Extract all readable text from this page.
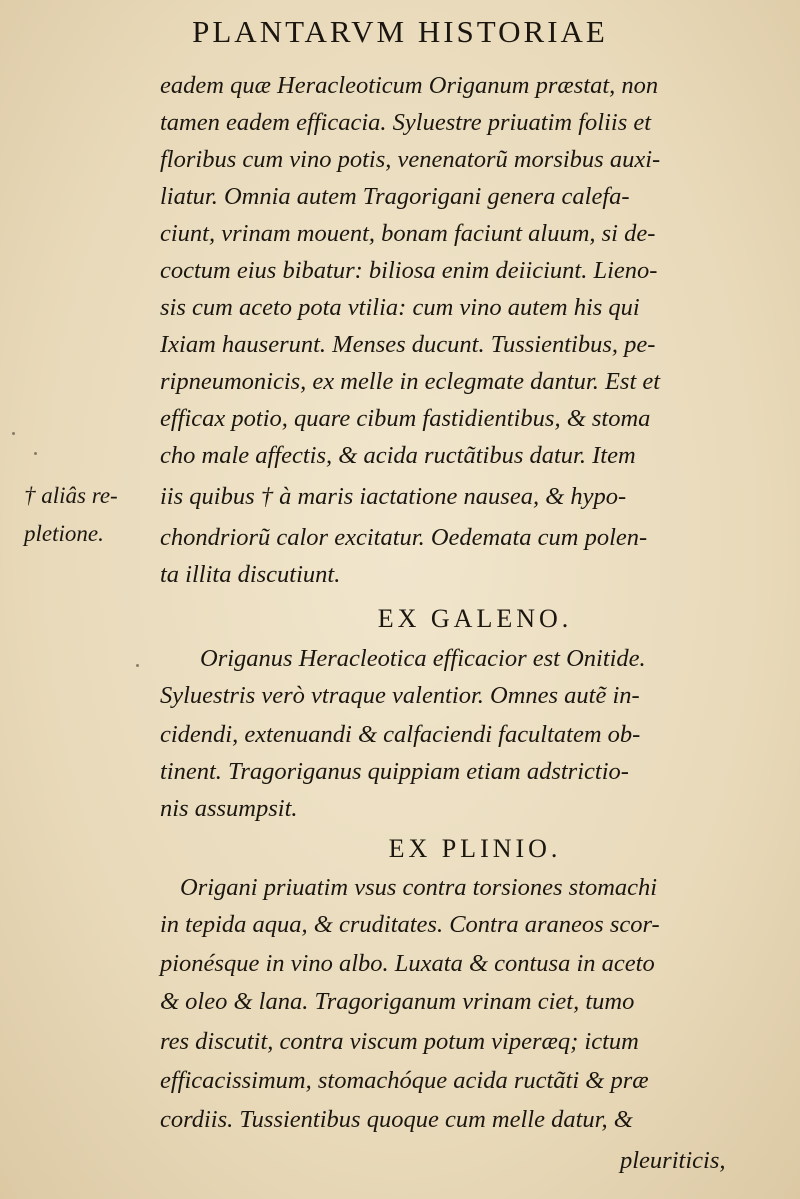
PLANTARVM HISTORIAE
† aliâs re-
pletione.
eadem quæ Heracleoticum Origanum præstat, non
tamen eadem efficacia. Syluestre priuatim foliis et
floribus cum vino potis, venenatorũ morsibus auxi-
liatur. Omnia autem Tragorigani genera calefa-
ciunt, vrinam mouent, bonam faciunt aluum, si de-
coctum eius bibatur: biliosa enim deiiciunt. Lieno-
sis cum aceto pota vtilia: cum vino autem his qui
Ixiam hauserunt. Menses ducunt. Tussientibus, pe-
ripneumonicis, ex melle in eclegmate dantur. Est et
efficax potio, quare cibum fastidientibus, & stoma
cho male affectis, & acida ructãtibus datur. Item
iis quibus † à maris iactatione nausea, & hypo-
chondriorũ calor excitatur. Oedemata cum polen-
ta illita discutiunt.
EX GALENO.
Origanus Heracleotica efficacior est Onitide.
Syluestris verò vtraque valentior. Omnes autẽ in-
cidendi, extenuandi & calfaciendi facultatem ob-
tinent. Tragoriganus quippiam etiam adstrictio-
nis assumpsit.
EX PLINIO.
Origani priuatim vsus contra torsiones stomachi
in tepida aqua, & cruditates. Contra araneos scor-
pionésque in vino albo. Luxata & contusa in aceto
& oleo & lana. Tragoriganum vrinam ciet, tumo
res discutit, contra viscum potum viperæq; ictum
efficacissimum, stomachóque acida ructãti & præ
cordiis. Tussientibus quoque cum melle datur, &
pleuriticis,
